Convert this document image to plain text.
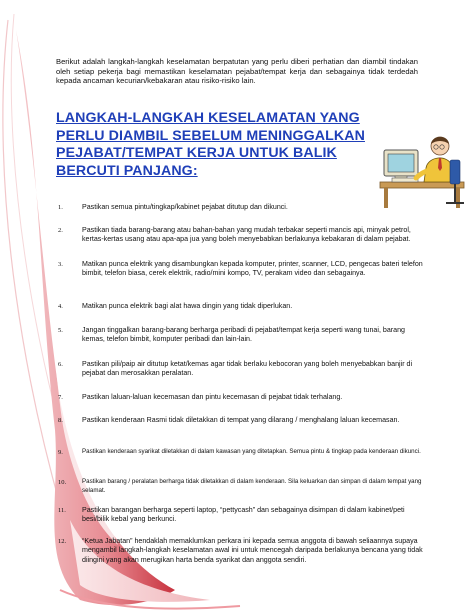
Berikut adalah langkah-langkah keselamatan berpatutan yang perlu diberi perhatian dan diambil tindakan oleh setiap pekerja bagi memastikan keselamatan pejabat/tempat kerja dan sebagainya tidak terdedah kepada ancaman kecurian/kebakaran atau risiko-risiko lain.

LANGKAH-LANGKAH KESELAMATAN YANG PERLU DIAMBIL SEBELUM MENINGGALKAN PEJABAT/TEMPAT KERJA UNTUK BALIK BERCUTI PANJANG:
1.	Pastikan semua pintu/tingkap/kabinet pejabat ditutup dan dikunci.
2.	Pastikan tiada barang-barang atau bahan-bahan yang mudah terbakar seperti mancis api, minyak petrol, kertas-kertas usang atau apa-apa jua yang boleh menyebabkan berlakunya kebakaran di dalam pejabat.
3.	Matikan punca elektrik yang disambungkan kepada komputer, printer, scanner, LCD, pengecas bateri telefon bimbit, telefon biasa, cerek elektrik, radio/mini kompo, TV, perakam video dan sebagainya.
4.	Matikan punca elektrik bagi alat hawa dingin yang tidak diperlukan.
5.	Jangan tinggalkan barang-barang berharga peribadi di pejabat/tempat kerja seperti wang tunai, barang kemas, telefon bimbit, komputer peribadi dan lain-lain.
6.	Pastikan pili/paip air ditutup ketat/kemas agar tidak berlaku kebocoran yang boleh menyebabkan banjir di pejabat dan merosakkan peralatan.
7.	Pastikan laluan-laluan kecemasan dan pintu kecemasan di pejabat tidak terhalang.
8.	Pastikan kenderaan Rasmi tidak diletakkan di tempat yang dilarang / menghalang laluan kecemasan.
9.	Pastikan kenderaan syarikat diletakkan di dalam kawasan yang ditetapkan. Semua pintu & tingkap pada kenderaan dikunci.
10.	Pastikan barang / peralatan berharga tidak diletakkan di dalam kenderaan. Sila keluarkan dan simpan di dalam tempat yang selamat.
11.	Pastikan barangan berharga seperti laptop, “pettycash” dan sebagainya disimpan di dalam kabinet/peti besi/bilik kebal yang berkunci.
12.	“Ketua Jabatan” hendaklah memaklumkan perkara ini kepada semua anggota di bawah seliaannya supaya mengambil langkah-langkah keselamatan awal ini untuk mencegah daripada berlakunya bencana yang tidak diingini yang akan merugikan harta benda syarikat dan anggota sendiri.
